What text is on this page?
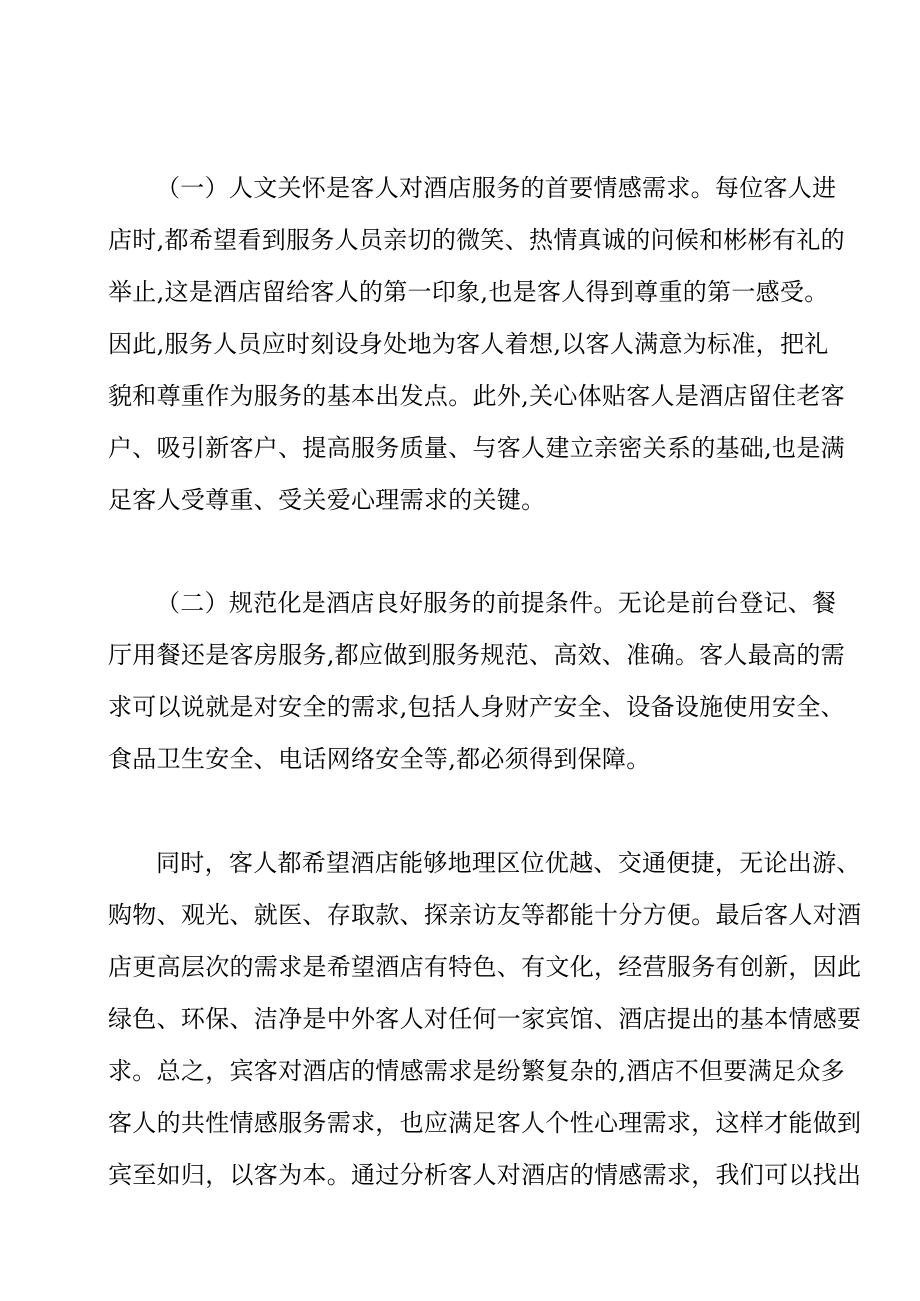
（一）人文关怀是客人对酒店服务的首要情感需求。每位客人进
店时,都希望看到服务人员亲切的微笑、热情真诚的问候和彬彬有礼的
举止,这是酒店留给客人的第一印象,也是客人得到尊重的第一感受。
因此,服务人员应时刻设身处地为客人着想,以客人满意为标准，把礼
貌和尊重作为服务的基本出发点。此外,关心体贴客人是酒店留住老客
户、吸引新客户、提高服务质量、与客人建立亲密关系的基础,也是满
足客人受尊重、受关爱心理需求的关键。
（二）规范化是酒店良好服务的前提条件。无论是前台登记、餐
厅用餐还是客房服务,都应做到服务规范、高效、准确。客人最高的需
求可以说就是对安全的需求,包括人身财产安全、设备设施使用安全、
食品卫生安全、电话网络安全等,都必须得到保障。
同时，客人都希望酒店能够地理区位优越、交通便捷，无论出游、
购物、观光、就医、存取款、探亲访友等都能十分方便。最后客人对酒
店更高层次的需求是希望酒店有特色、有文化，经营服务有创新，因此
绿色、环保、洁净是中外客人对任何一家宾馆、酒店提出的基本情感要
求。总之，宾客对酒店的情感需求是纷繁复杂的,酒店不但要满足众多
客人的共性情感服务需求，也应满足客人个性心理需求，这样才能做到
宾至如归，以客为本。通过分析客人对酒店的情感需求，我们可以找出
